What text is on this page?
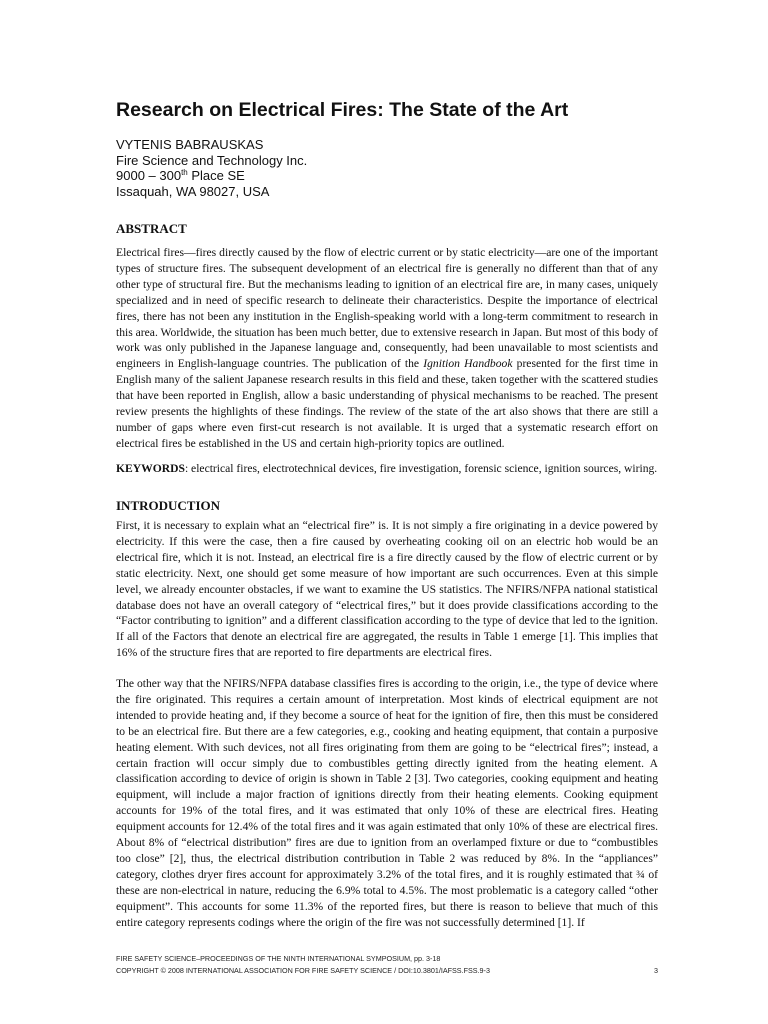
Research on Electrical Fires: The State of the Art
VYTENIS BABRAUSKAS
Fire Science and Technology Inc.
9000 – 300th Place SE
Issaquah, WA 98027, USA
ABSTRACT

Electrical fires—fires directly caused by the flow of electric current or by static electricity—are one of the important types of structure fires. The subsequent development of an electrical fire is generally no different than that of any other type of structural fire. But the mechanisms leading to ignition of an electrical fire are, in many cases, uniquely specialized and in need of specific research to delineate their characteristics. Despite the importance of electrical fires, there has not been any institution in the English-speaking world with a long-term commitment to research in this area. Worldwide, the situation has been much better, due to extensive research in Japan. But most of this body of work was only published in the Japanese language and, consequently, had been unavailable to most scientists and engineers in English-language countries. The publication of the Ignition Handbook presented for the first time in English many of the salient Japanese research results in this field and these, taken together with the scattered studies that have been reported in English, allow a basic understanding of physical mechanisms to be reached. The present review presents the highlights of these findings. The review of the state of the art also shows that there are still a number of gaps where even first-cut research is not available. It is urged that a systematic research effort on electrical fires be established in the US and certain high-priority topics are outlined.

KEYWORDS: electrical fires, electrotechnical devices, fire investigation, forensic science, ignition sources, wiring.

INTRODUCTION

First, it is necessary to explain what an “electrical fire” is. It is not simply a fire originating in a device powered by electricity. If this were the case, then a fire caused by overheating cooking oil on an electric hob would be an electrical fire, which it is not. Instead, an electrical fire is a fire directly caused by the flow of electric current or by static electricity. Next, one should get some measure of how important are such occurrences. Even at this simple level, we already encounter obstacles, if we want to examine the US statistics. The NFIRS/NFPA national statistical database does not have an overall category of “electrical fires,” but it does provide classifications according to the “Factor contributing to ignition” and a different classification according to the type of device that led to the ignition. If all of the Factors that denote an electrical fire are aggregated, the results in Table 1 emerge [1]. This implies that 16% of the structure fires that are reported to fire departments are electrical fires.

The other way that the NFIRS/NFPA database classifies fires is according to the origin, i.e., the type of device where the fire originated. This requires a certain amount of interpretation. Most kinds of electrical equipment are not intended to provide heating and, if they become a source of heat for the ignition of fire, then this must be considered to be an electrical fire. But there are a few categories, e.g., cooking and heating equipment, that contain a purposive heating element. With such devices, not all fires originating from them are going to be “electrical fires”; instead, a certain fraction will occur simply due to combustibles getting directly ignited from the heating element. A classification according to device of origin is shown in Table 2 [3]. Two categories, cooking equipment and heating equipment, will include a major fraction of ignitions directly from their heating elements. Cooking equipment accounts for 19% of the total fires, and it was estimated that only 10% of these are electrical fires. Heating equipment accounts for 12.4% of the total fires and it was again estimated that only 10% of these are electrical fires. About 8% of “electrical distribution” fires are due to ignition from an overlamped fixture or due to “combustibles too close” [2], thus, the electrical distribution contribution in Table 2 was reduced by 8%. In the “appliances” category, clothes dryer fires account for approximately 3.2% of the total fires, and it is roughly estimated that ¾ of these are non-electrical in nature, reducing the 6.9% total to 4.5%. The most problematic is a category called “other equipment”. This accounts for some 11.3% of the reported fires, but there is reason to believe that much of this entire category represents codings where the origin of the fire was not successfully determined [1]. If

FIRE SAFETY SCIENCE–PROCEEDINGS OF THE NINTH INTERNATIONAL SYMPOSIUM, pp. 3-18
COPYRIGHT © 2008 INTERNATIONAL ASSOCIATION FOR FIRE SAFETY SCIENCE / DOI:10.3801/IAFSS.FSS.9-3	3
